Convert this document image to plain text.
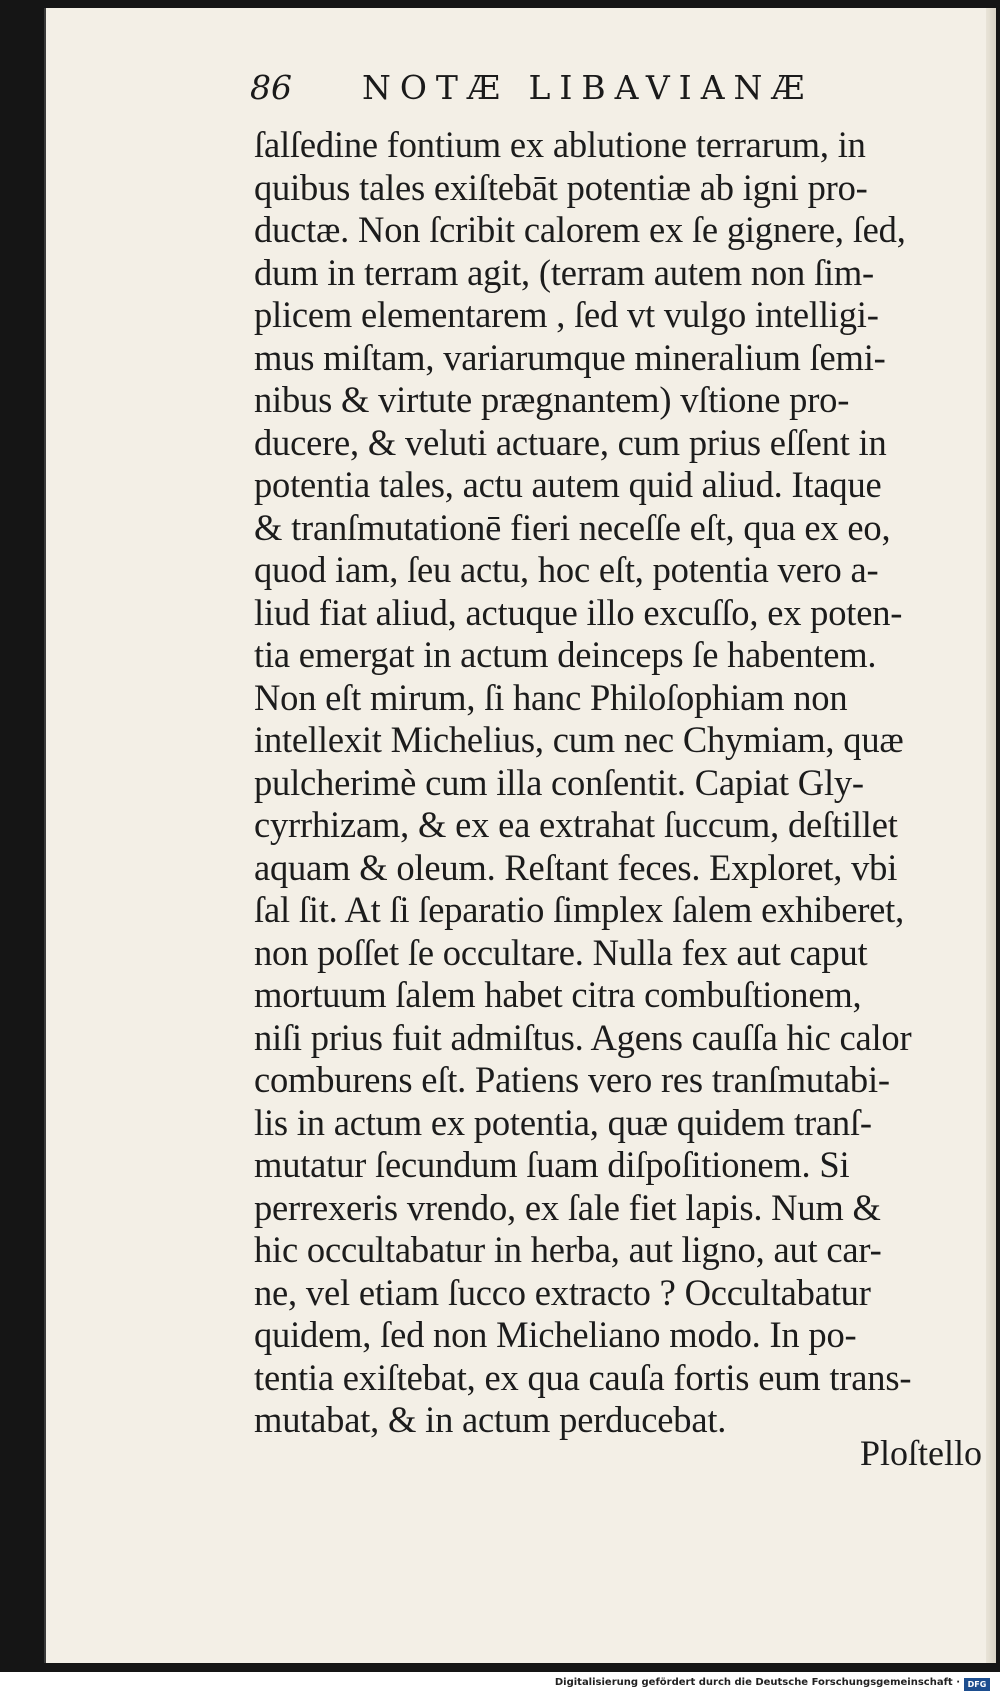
86 NOTÆ LIBAVIANÆ
ſalſedine fontium ex ablutione terrarum, in
quibus tales exiſtebāt potentiæ ab igni pro-
ductæ. Non ſcribit calorem ex ſe gignere, ſed,
dum in terram agit, (terram autem non ſim-
plicem elementarem , ſed vt vulgo intelligi-
mus miſtam, variarumque mineralium ſemi-
nibus & virtute prægnantem) vſtione pro-
ducere, & veluti actuare, cum prius eſſent in
potentia tales, actu autem quid aliud. Itaque
& tranſmutationē fieri neceſſe eſt, qua ex eo,
quod iam, ſeu actu, hoc eſt, potentia vero a-
liud fiat aliud, actuque illo excuſſo, ex poten-
tia emergat in actum deinceps ſe habentem.
Non eſt mirum, ſi hanc Philoſophiam non
intellexit Michelius, cum nec Chymiam, quæ
pulcherimè cum illa conſentit. Capiat Gly-
cyrrhizam, & ex ea extrahat ſuccum, deſtillet
aquam & oleum. Reſtant feces. Exploret, vbi
ſal ſit. At ſi ſeparatio ſimplex ſalem exhiberet,
non poſſet ſe occultare. Nulla fex aut caput
mortuum ſalem habet citra combuſtionem,
niſi prius fuit admiſtus. Agens cauſſa hic calor
comburens eſt. Patiens vero res tranſmutabi-
lis in actum ex potentia, quæ quidem tranſ-
mutatur ſecundum ſuam diſpoſitionem. Si
perrexeris vrendo, ex ſale fiet lapis. Num &
hic occultabatur in herba, aut ligno, aut car-
ne, vel etiam ſucco extracto ? Occultabatur
quidem, ſed non Micheliano modo. In po-
tentia exiſtebat, ex qua cauſa fortis eum trans-
mutabat, & in actum perducebat.
Ploſtello
Digitalisierung gefördert durch die Deutsche Forschungsgemeinschaft · DFG
